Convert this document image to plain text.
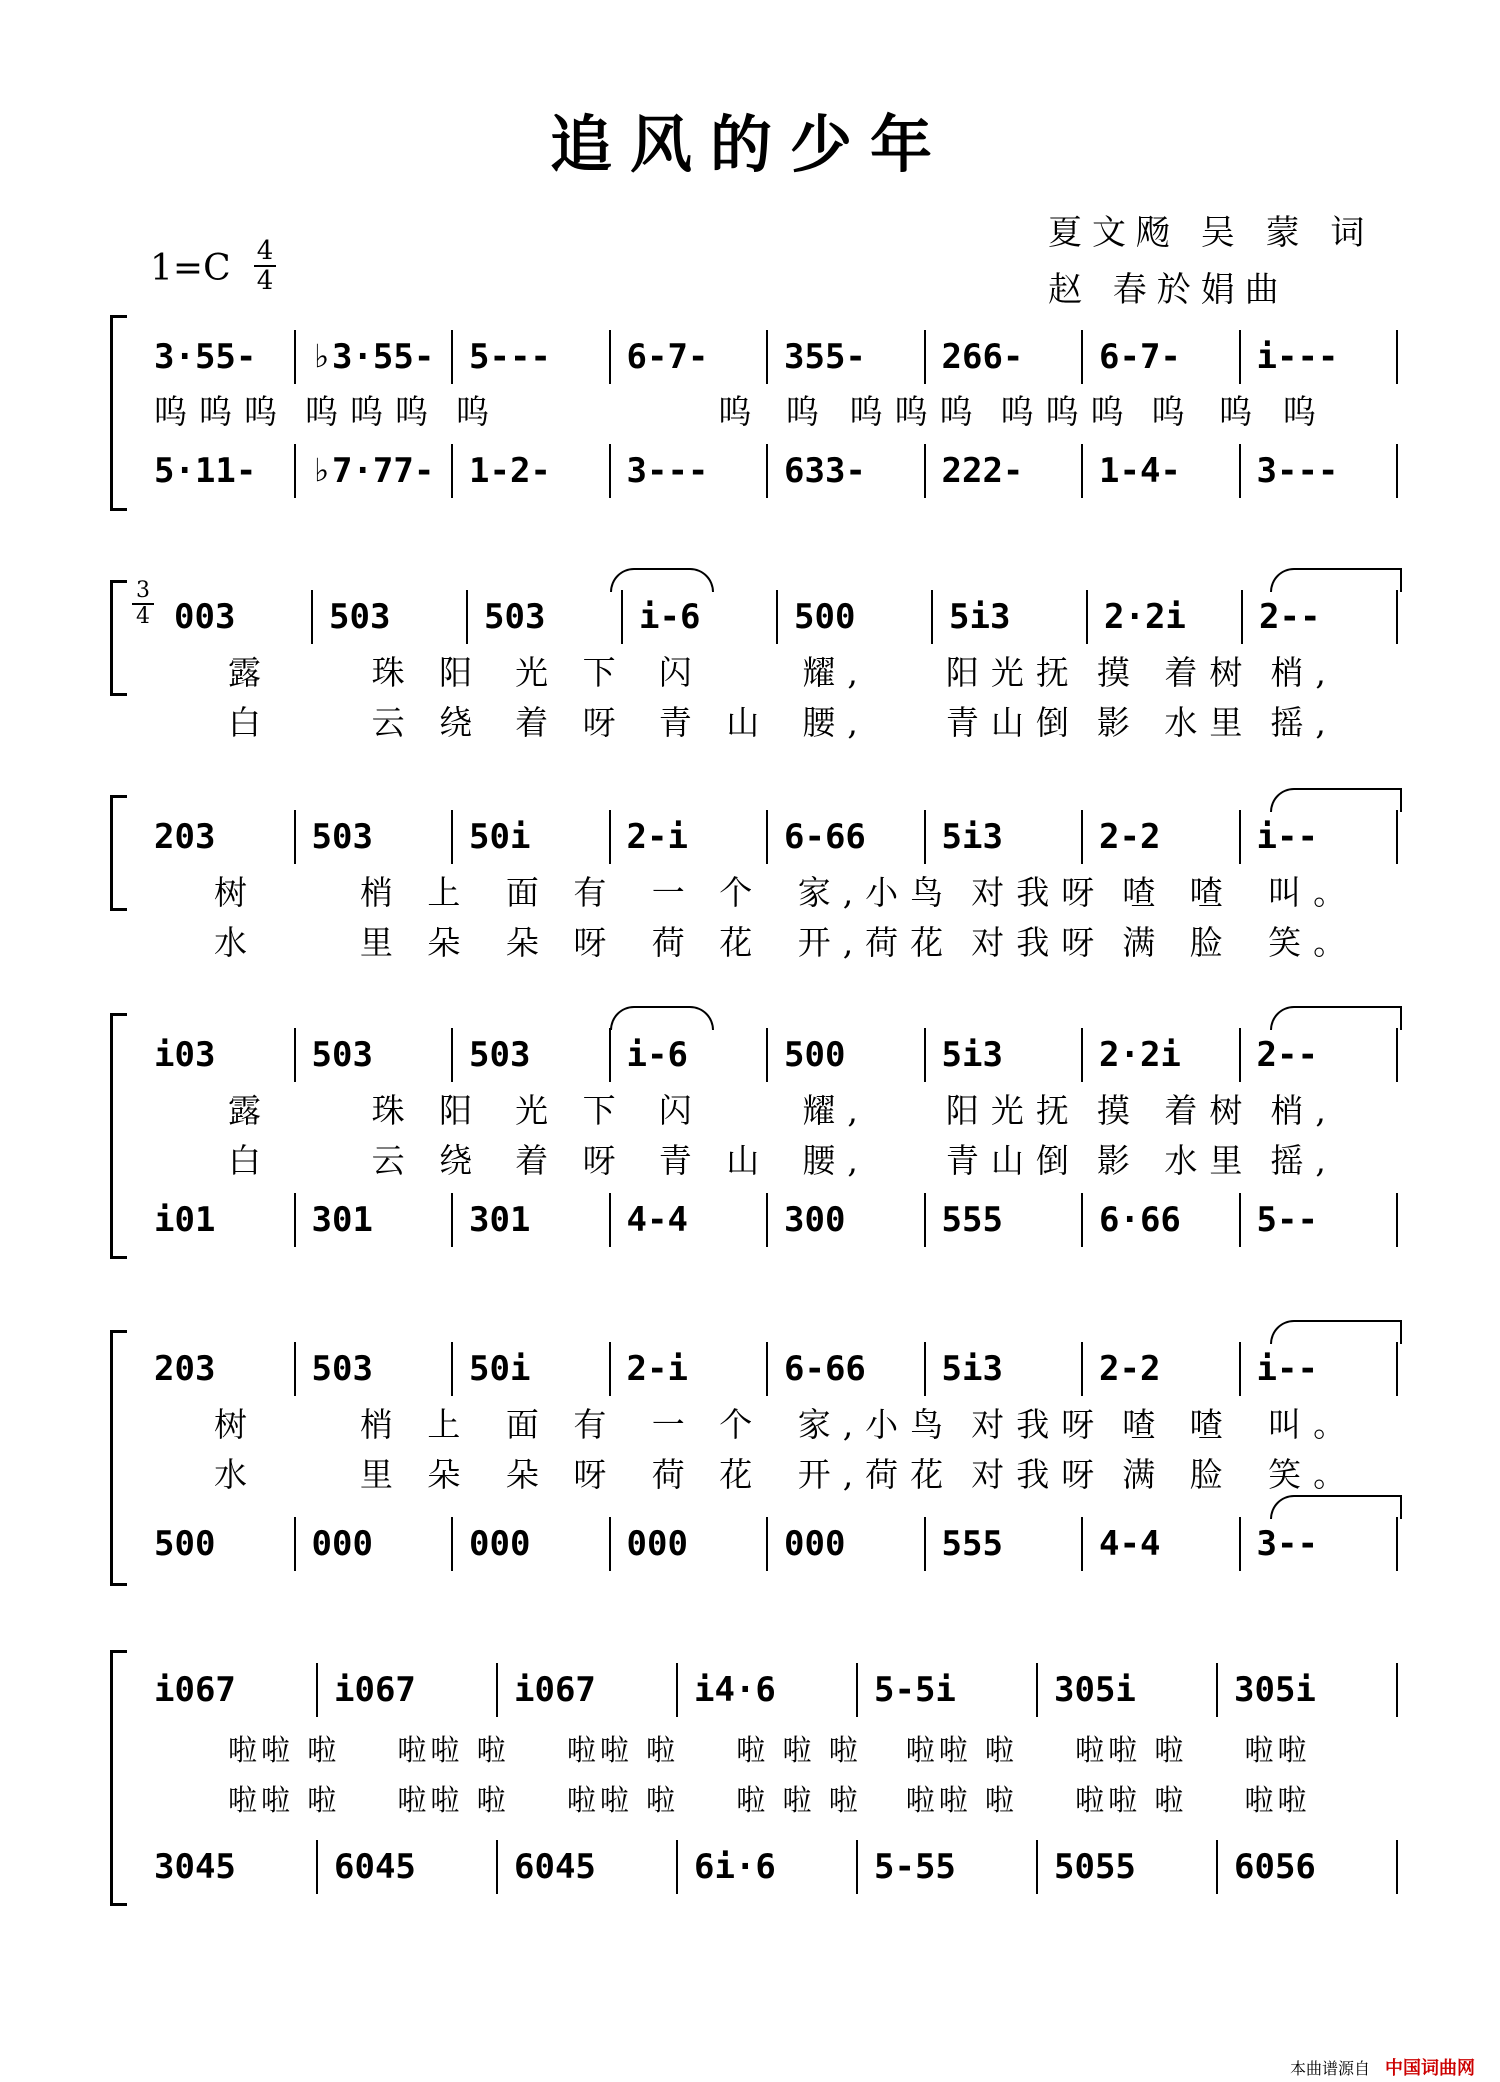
追风的少年
夏文飏 吴 蒙 词
赵 春於娟曲
1=C 4
4
3·55-	♭3·55-	5---	6-7-	355-	266-	6-7-	i---
呜呜呜 呜呜呜 呜	呜 呜 呜呜呜 呜呜呜 呜 呜 呜
5·11-	♭7·77-	1-2-	3---	633-	222-	1-4-	3---
3
4 003	503	503	i-6	500	5i3	2·2i	2--
露	珠 阳 光 下 闪	耀,	阳光抚 摸 着树 梢,
白	云 绕 着 呀 青 山 腰,	青山倒 影 水里 摇,
203	503	50i	2-i	6-66	5i3	2-2	i--
树	梢 上	面 有	一 个	家,小鸟 对我呀 喳 喳	叫。
水	里 朵	朵 呀	荷 花	开,荷花 对我呀 满 脸	笑。
i03	503	503	i-6	500	5i3	2·2i	2--
露	珠 阳 光 下 闪	耀,	阳光抚 摸 着树 梢,
白	云 绕 着 呀 青 山 腰,	青山倒 影 水里 摇,
i01	301	301	4-4	300	555	6·66	5--
203	503	50i	2-i	6-66	5i3	2-2	i--
树	梢 上	面 有	一 个	家,小鸟 对我呀 喳 喳	叫。
水	里 朵	朵 呀	荷 花	开,荷花 对我呀 满 脸	笑。
500	000	000	000	000	555	4-4	3--
i067	i067	i067	i4·6	5-5i	305i	305i
啦啦 啦	啦啦 啦	啦啦 啦	啦 啦 啦	啦啦 啦	啦啦 啦	啦啦
啦啦 啦	啦啦 啦	啦啦 啦	啦 啦 啦	啦啦 啦	啦啦 啦	啦啦
3045	6045	6045	6i·6	5-55	5055	6056
本曲谱源自 中国词曲网
